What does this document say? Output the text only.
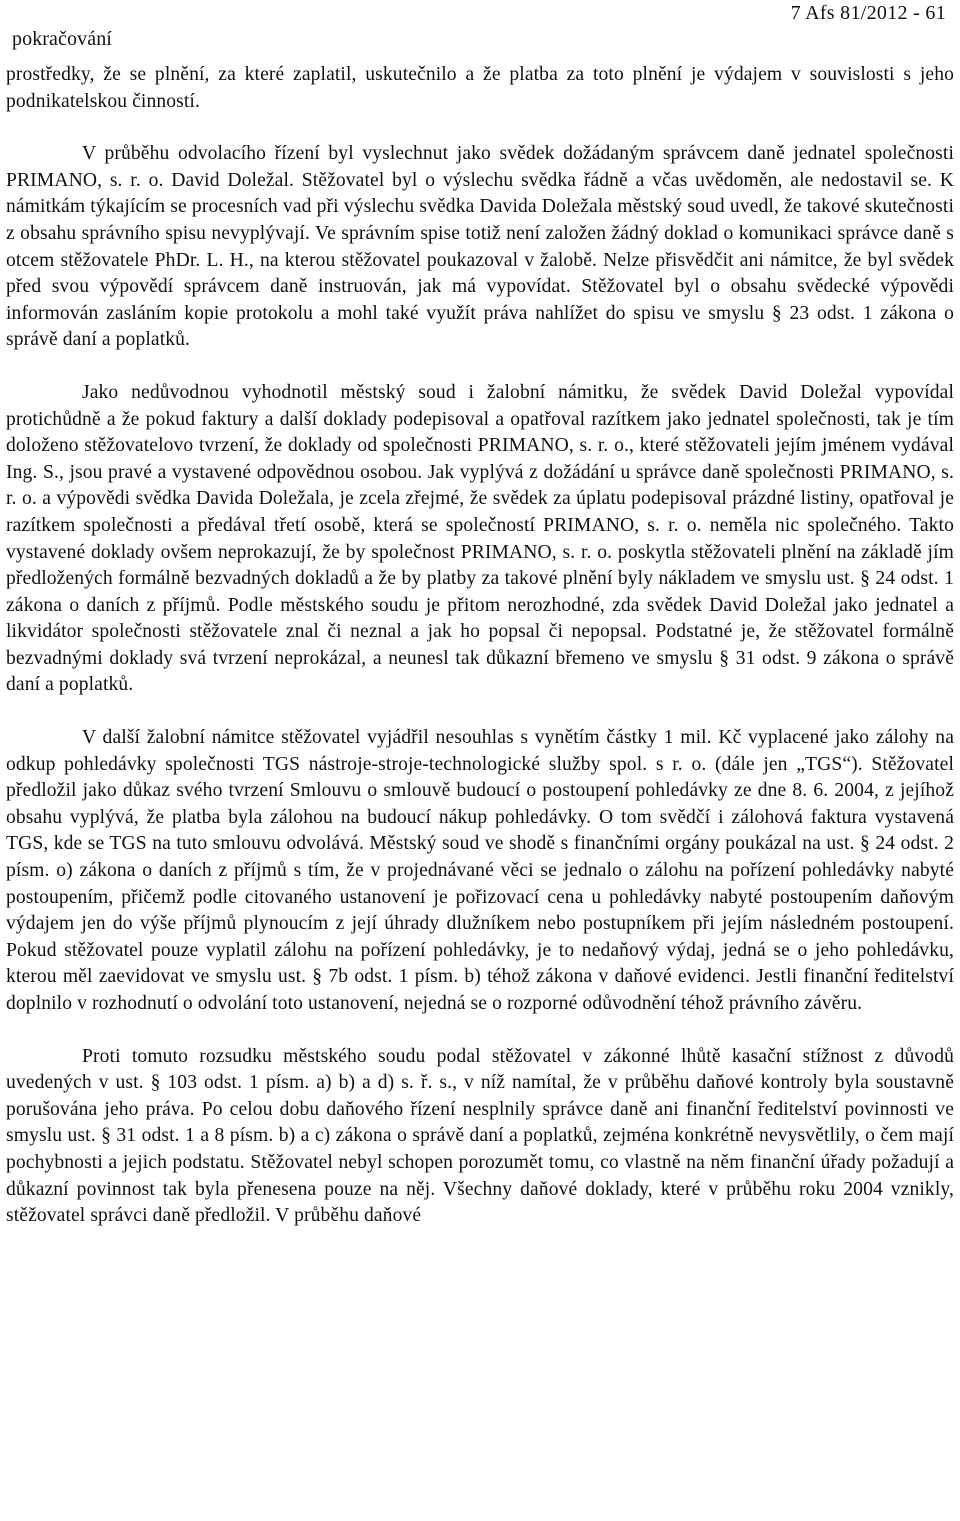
pokračování
7 Afs 81/2012 - 61

prostředky, že se plnění, za které zaplatil, uskutečnilo a že platba za toto plnění je výdajem v souvislosti s jeho podnikatelskou činností.

V průběhu odvolacího řízení byl vyslechnut jako svědek dožádaným správcem daně jednatel společnosti PRIMANO, s. r. o. David Doležal. Stěžovatel byl o výslechu svědka řádně a včas uvědoměn, ale nedostavil se. K námitkám týkajícím se procesních vad při výslechu svědka Davida Doležala městský soud uvedl, že takové skutečnosti z obsahu správního spisu nevyplývají. Ve správním spise totiž není založen žádný doklad o komunikaci správce daně s otcem stěžovatele PhDr. L. H., na kterou stěžovatel poukazoval v žalobě. Nelze přisvědčit ani námitce, že byl svědek před svou výpovědí správcem daně instruován, jak má vypovídat. Stěžovatel byl o obsahu svědecké výpovědi informován zasláním kopie protokolu a mohl také využít práva nahlížet do spisu ve smyslu § 23 odst. 1 zákona o správě daní a poplatků.

Jako nedůvodnou vyhodnotil městský soud i žalobní námitku, že svědek David Doležal vypovídal protichůdně a že pokud faktury a další doklady podepisoval a opatřoval razítkem jako jednatel společnosti, tak je tím doloženo stěžovatelovo tvrzení, že doklady od společnosti PRIMANO, s. r. o., které stěžovateli jejím jménem vydával Ing. S., jsou pravé a vystavené odpovědnou osobou. Jak vyplývá z dožádání u správce daně společnosti PRIMANO, s. r. o. a výpovědi svědka Davida Doležala, je zcela zřejmé, že svědek za úplatu podepisoval prázdné listiny, opatřoval je razítkem společnosti a předával třetí osobě, která se společností PRIMANO, s. r. o. neměla nic společného. Takto vystavené doklady ovšem neprokazují, že by společnost PRIMANO, s. r. o. poskytla stěžovateli plnění na základě jím předložených formálně bezvadných dokladů a že by platby za takové plnění byly nákladem ve smyslu ust. § 24 odst. 1 zákona o daních z příjmů. Podle městského soudu je přitom nerozhodné, zda svědek David Doležal jako jednatel a likvidátor společnosti stěžovatele znal či neznal a jak ho popsal či nepopsal. Podstatné je, že stěžovatel formálně bezvadnými doklady svá tvrzení neprokázal, a neunesl tak důkazní břemeno ve smyslu § 31 odst. 9 zákona o správě daní a poplatků.

V další žalobní námitce stěžovatel vyjádřil nesouhlas s vynětím částky 1 mil. Kč vyplacené jako zálohy na odkup pohledávky společnosti TGS nástroje-stroje-technologické služby spol. s r. o. (dále jen „TGS“). Stěžovatel předložil jako důkaz svého tvrzení Smlouvu o smlouvě budoucí o postoupení pohledávky ze dne 8. 6. 2004, z jejíhož obsahu vyplývá, že platba byla zálohou na budoucí nákup pohledávky. O tom svědčí i zálohová faktura vystavená TGS, kde se TGS na tuto smlouvu odvolává. Městský soud ve shodě s finančními orgány poukázal na ust. § 24 odst. 2 písm. o) zákona o daních z příjmů s tím, že v projednávané věci se jednalo o zálohu na pořízení pohledávky nabyté postoupením, přičemž podle citovaného ustanovení je pořizovací cena u pohledávky nabyté postoupením daňovým výdajem jen do výše příjmů plynoucím z její úhrady dlužníkem nebo postupníkem při jejím následném postoupení. Pokud stěžovatel pouze vyplatil zálohu na pořízení pohledávky, je to nedaňový výdaj, jedná se o jeho pohledávku, kterou měl zaevidovat ve smyslu ust. § 7b odst. 1 písm. b) téhož zákona v daňové evidenci. Jestli finanční ředitelství doplnilo v rozhodnutí o odvolání toto ustanovení, nejedná se o rozporné odůvodnění téhož právního závěru.

Proti tomuto rozsudku městského soudu podal stěžovatel v zákonné lhůtě kasační stížnost z důvodů uvedených v ust. § 103 odst. 1 písm. a) b) a d) s. ř. s., v níž namítal, že v průběhu daňové kontroly byla soustavně porušována jeho práva. Po celou dobu daňového řízení nesplnily správce daně ani finanční ředitelství povinnosti ve smyslu ust. § 31 odst. 1 a 8 písm. b) a c) zákona o správě daní a poplatků, zejména konkrétně nevysvětlily, o čem mají pochybnosti a jejich podstatu. Stěžovatel nebyl schopen porozumět tomu, co vlastně na něm finanční úřady požadují a důkazní povinnost tak byla přenesena pouze na něj. Všechny daňové doklady, které v průběhu roku 2004 vznikly, stěžovatel správci daně předložil. V průběhu daňové
